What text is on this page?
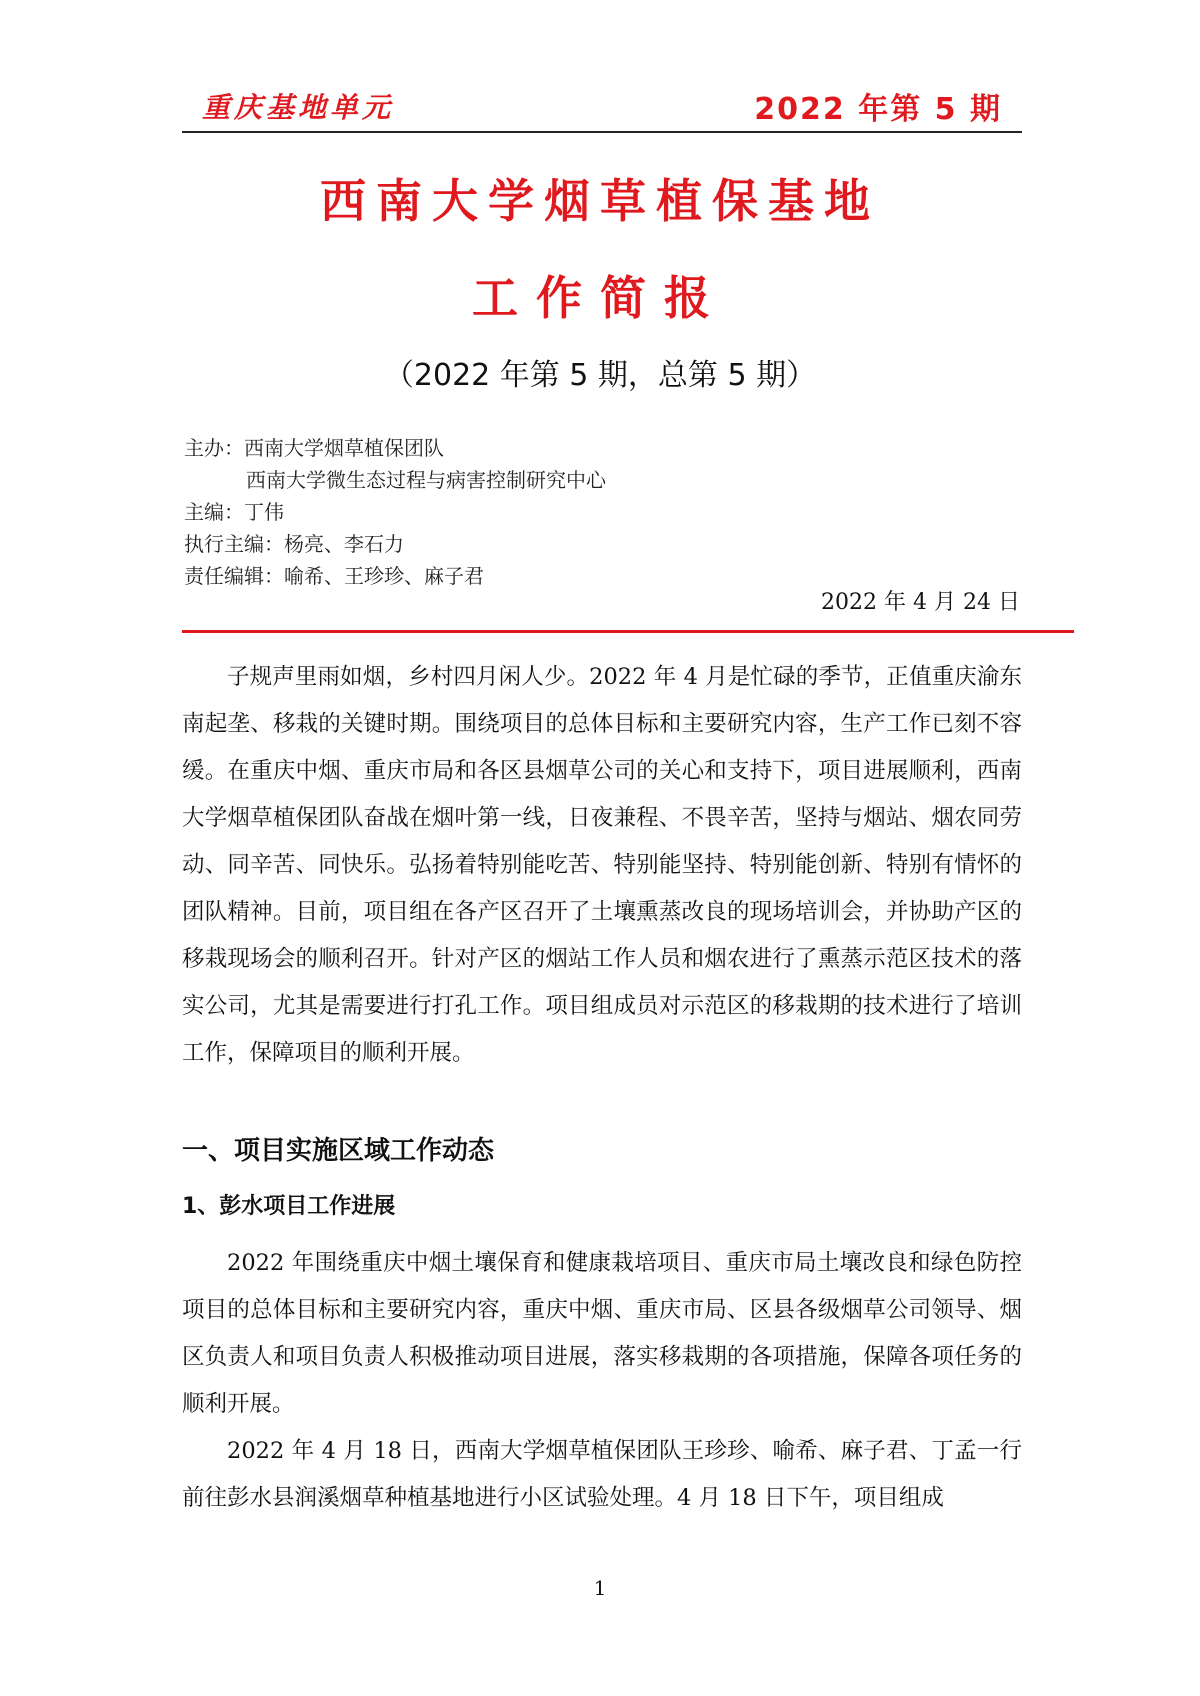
重庆基地单元	2022 年第 5 期
西南大学烟草植保基地
工作简报
（2022 年第 5 期，总第 5 期）
主办：西南大学烟草植保团队
西南大学微生态过程与病害控制研究中心
主编：丁伟
执行主编：杨亮、李石力
责任编辑：喻希、王珍珍、麻子君
2022 年 4 月 24 日

子规声里雨如烟，乡村四月闲人少。2022 年 4 月是忙碌的季节，正值重庆渝东南起垄、移栽的关键时期。围绕项目的总体目标和主要研究内容，生产工作已刻不容缓。在重庆中烟、重庆市局和各区县烟草公司的关心和支持下，项目进展顺利，西南大学烟草植保团队奋战在烟叶第一线，日夜兼程、不畏辛苦，坚持与烟站、烟农同劳动、同辛苦、同快乐。弘扬着特别能吃苦、特别能坚持、特别能创新、特别有情怀的团队精神。目前，项目组在各产区召开了土壤熏蒸改良的现场培训会，并协助产区的移栽现场会的顺利召开。针对产区的烟站工作人员和烟农进行了熏蒸示范区技术的落实公司，尤其是需要进行打孔工作。项目组成员对示范区的移栽期的技术进行了培训工作，保障项目的顺利开展。

一、项目实施区域工作动态
1、彭水项目工作进展

2022 年围绕重庆中烟土壤保育和健康栽培项目、重庆市局土壤改良和绿色防控项目的总体目标和主要研究内容，重庆中烟、重庆市局、区县各级烟草公司领导、烟区负责人和项目负责人积极推动项目进展，落实移栽期的各项措施，保障各项任务的顺利开展。

2022 年 4 月 18 日，西南大学烟草植保团队王珍珍、喻希、麻子君、丁孟一行前往彭水县润溪烟草种植基地进行小区试验处理。4 月 18 日下午，项目组成

1
